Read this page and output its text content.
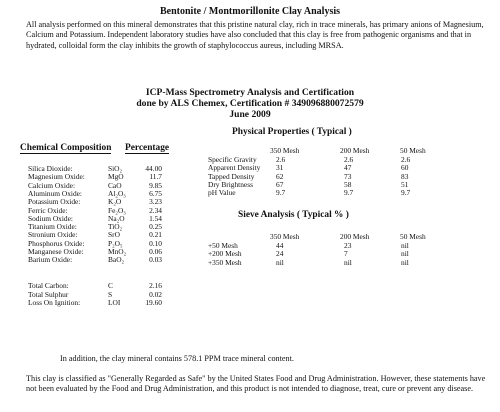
Bentonite / Montmorillonite Clay Analysis
All analysis performed on this mineral demonstrates that this pristine natural clay, rich in trace minerals, has primary anions of Magnesium, Calcium and Potassium. Independent laboratory studies have also concluded that this clay is free from pathogenic organisms and that in hydrated, colloidal form the clay inhibits the growth of staphylococcus aureus, including MRSA.
ICP-Mass Spectrometry Analysis and Certification
done by ALS Chemex, Certification # 349096880072579
June 2009
Chemical Composition Percentage
Physical Properties ( Typical )
350 Mesh	200 Mesh	50 Mesh
Silica Dioxide:	SiO₂	44.00
Magnesium Oxide:	MgO	11.7
Calcium Oxide:	CaO	9.85
Aluminum Oxide:	Al₂O₃	6.75
Potassium Oxide:	K₂O	3.23
Ferric Oxide:	Fe₂O₃	2.34
Sodium Oxide:	Na₂O	1.54
Titanium Oxide:	TiO₂	0.25
Stronium Oxide:	SrO	0.21
Phosphorus Oxide:	P₂O₅	0.10
Manganese Oxide:	MnO₂	0.06
Barium Oxide:	BaO₂	0.03
Total Carbon:	C	2.16
Total Sulphur	S	0.02
Loss On Ignition:	LOI	19.60
Specific Gravity	2.6	2.6	2.6
Apparent Density 31	47	60
Tapped Density	62	73	83
Dry Brightness	67	58	51
pH Value	9.7	9.7	9.7
Sieve Analysis ( Typical % )
350 Mesh	200 Mesh	50 Mesh
+50 Mesh	44	23	nil
+200 Mesh	24	7	nil
+350 Mesh	nil	nil	nil
In addition, the clay mineral contains 578.1 PPM trace mineral content.
This clay is classified as "Generally Regarded as Safe" by the United States Food and Drug Administration. However, these statements have not been evaluated by the Food and Drug Administration, and this product is not intended to diagnose, treat, cure or prevent any disease.
